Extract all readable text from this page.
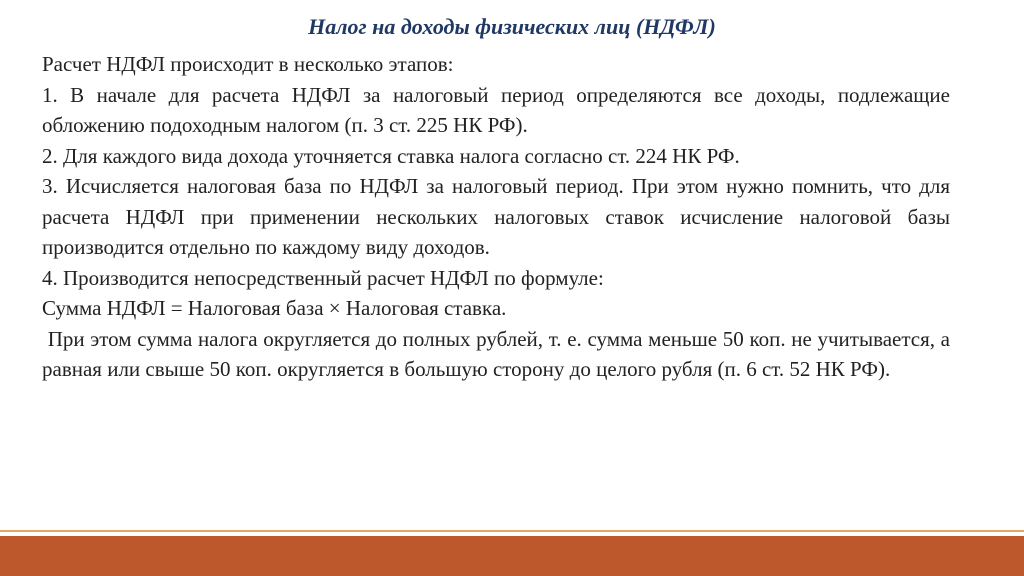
Налог на доходы физических лиц (НДФЛ)

Расчет НДФЛ происходит в несколько этапов:

1. В начале для расчета НДФЛ за налоговый период определяются все доходы, подлежащие обложению подоходным налогом (п. 3 ст. 225 НК РФ).

2. Для каждого вида дохода уточняется ставка налога согласно ст. 224 НК РФ.

3. Исчисляется налоговая база по НДФЛ за налоговый период. При этом нужно помнить, что для расчета НДФЛ при применении нескольких налоговых ставок исчисление налоговой базы производится отдельно по каждому виду доходов.

4. Производится непосредственный расчет НДФЛ по формуле:

Сумма НДФЛ = Налоговая база × Налоговая ставка.

При этом сумма налога округляется до полных рублей, т. е. сумма меньше 50 коп. не учитывается, а равная или свыше 50 коп. округляется в большую сторону до целого рубля (п. 6 ст. 52 НК РФ).
